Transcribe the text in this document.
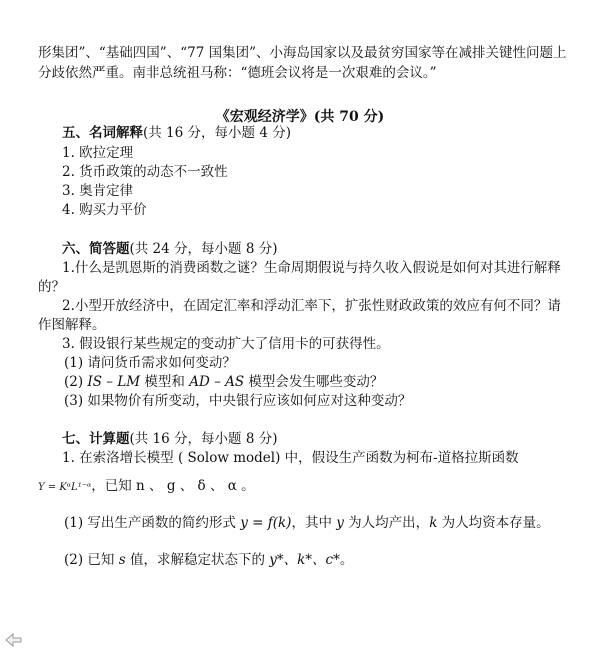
形集团”、“基础四国”、“77 国集团”、小海岛国家以及最贫穷国家等在减排关键性问题上
分歧依然严重。南非总统祖马称：“德班会议将是一次艰难的会议。”
《宏观经济学》(共 70 分)
五、名词解释(共 16 分，每小题 4 分)
1. 欧拉定理
2. 货币政策的动态不一致性
3. 奥肯定律
4. 购买力平价
六、简答题(共 24 分，每小题 8 分)
1.什么是凯恩斯的消费函数之谜？生命周期假说与持久收入假说是如何对其进行解释
的？
2.小型开放经济中，在固定汇率和浮动汇率下，扩张性财政政策的效应有何不同？请
作图解释。
3. 假设银行某些规定的变动扩大了信用卡的可获得性。
(1) 请问货币需求如何变动？
(2) IS – LM 模型和 AD – AS 模型会发生哪些变动？
(3) 如果物价有所变动，中央银行应该如何应对这种变动？
七、计算题(共 16 分，每小题 8 分)
1. 在索洛增长模型 ( Solow model) 中，假设生产函数为柯布-道格拉斯函数
Y = KᵅL¹⁻ᵅ，已知 n 、 g 、 δ 、 α 。
(1) 写出生产函数的简约形式 y = f(k)，其中 y 为人均产出，k 为人均资本存量。
(2) 已知 s 值，求解稳定状态下的 y*、k*、c*。
